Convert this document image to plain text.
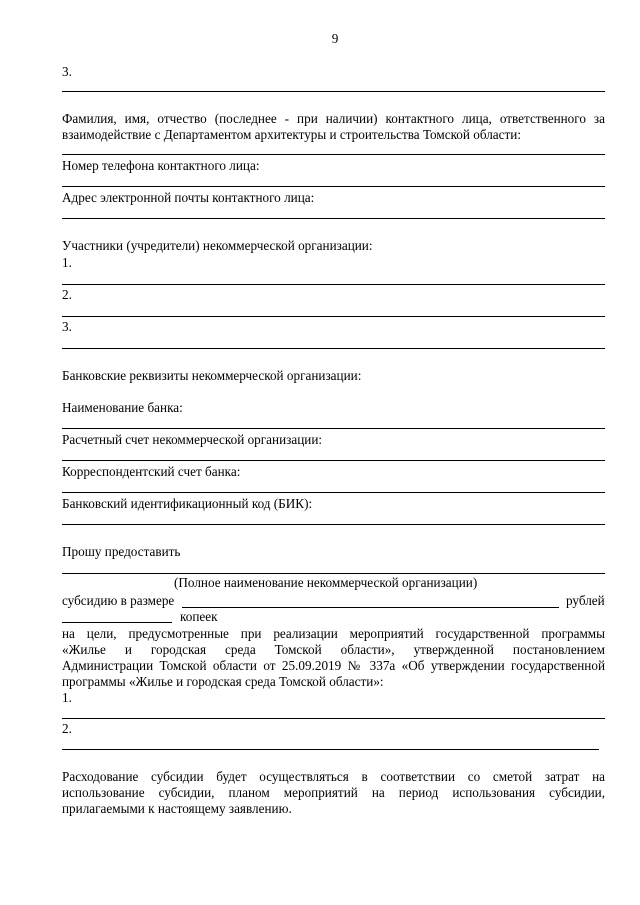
9
3.
Фамилия, имя, отчество (последнее - при наличии) контактного лица, ответственного за
взаимодействие с Департаментом архитектуры и строительства Томской области:
Номер телефона контактного лица:
Адрес электронной почты контактного лица:
Участники (учредители) некоммерческой организации:
1.
2.
3.
Банковские реквизиты некоммерческой организации:
Наименование банка:
Расчетный счет некоммерческой организации:
Корреспондентский счет банка:
Банковский идентификационный код (БИК):
Прошу предоставить
(Полное наименование некоммерческой организации)
субсидию в размере	рублей
копеек
на цели, предусмотренные при реализации мероприятий государственной программы
«Жилье и городская среда Томской области», утвержденной постановлением
Администрации Томской области от 25.09.2019 № 337а «Об утверждении государственной
программы «Жилье и городская среда Томской области»:
1.
2.
Расходование субсидии будет осуществляться в соответствии со сметой затрат на
использование субсидии, планом мероприятий на период использования субсидии,
прилагаемыми к настоящему заявлению.
